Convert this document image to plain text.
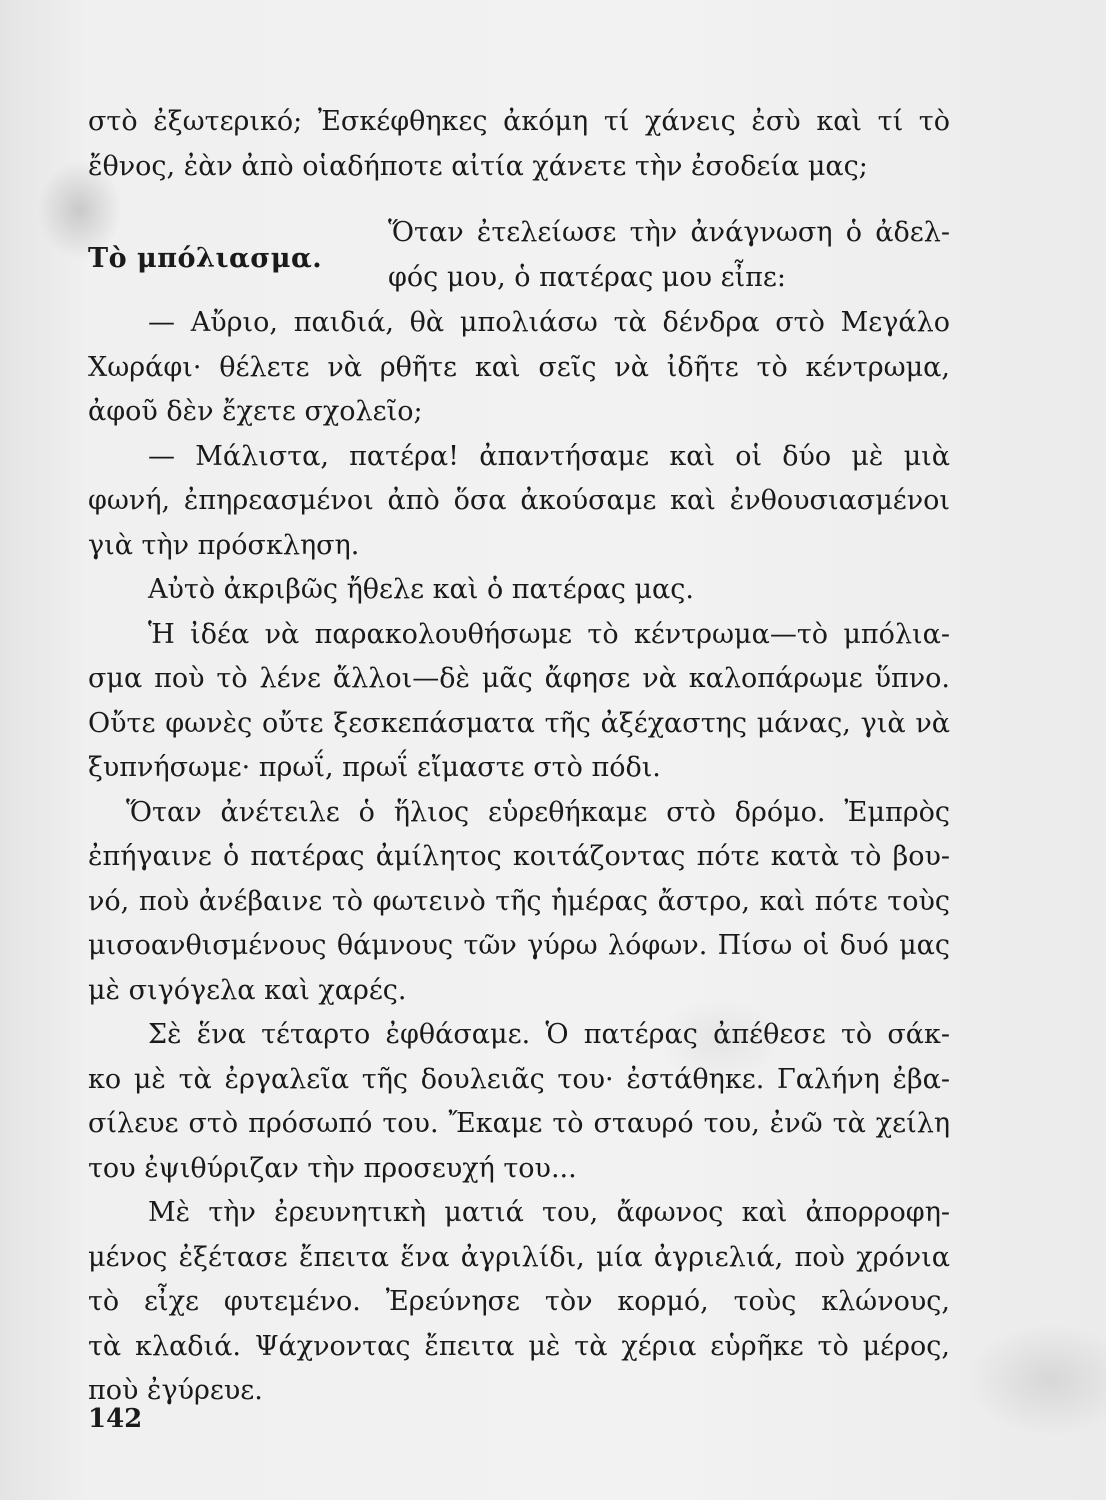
στὸ ἐξωτερικό; Ἐσκέφθηκες ἀκόμη τί χάνεις ἐσὺ καὶ τί τὸ
ἔθνος, ἐὰν ἀπὸ οἱαδήποτε αἰτία χάνετε τὴν ἐσοδεία μας;
Τὸ μπόλιασμα.
Ὅταν ἐτελείωσε τὴν ἀνάγνωση ὁ ἀδελ-
φός μου, ὁ πατέρας μου εἶπε:
— Αὔριο, παιδιά, θὰ μπολιάσω τὰ δένδρα στὸ Μεγάλο
Χωράφι· θέλετε νὰ ρθῆτε καὶ σεῖς νὰ ἰδῆτε τὸ κέντρωμα,
ἀφοῦ δὲν ἔχετε σχολεῖο;
— Μάλιστα, πατέρα! ἀπαντήσαμε καὶ οἱ δύο μὲ μιὰ
φωνή, ἐπηρεασμένοι ἀπὸ ὅσα ἀκούσαμε καὶ ἐνθουσιασμένοι
γιὰ τὴν πρόσκληση.
Αὐτὸ ἀκριβῶς ἤθελε καὶ ὁ πατέρας μας.
Ἡ ἰδέα νὰ παρακολουθήσωμε τὸ κέντρωμα—τὸ μπόλια-
σμα ποὺ τὸ λένε ἄλλοι—δὲ μᾶς ἄφησε νὰ καλοπάρωμε ὕπνο.
Οὔτε φωνὲς οὔτε ξεσκεπάσματα τῆς ἀξέχαστης μάνας, γιὰ νὰ
ξυπνήσωμε· πρωΐ, πρωΐ εἴμαστε στὸ πόδι.
Ὅταν ἀνέτειλε ὁ ἥλιος εὑρεθήκαμε στὸ δρόμο. Ἐμπρὸς
ἐπήγαινε ὁ πατέρας ἀμίλητος κοιτάζοντας πότε κατὰ τὸ βου-
νό, ποὺ ἀνέβαινε τὸ φωτεινὸ τῆς ἡμέρας ἄστρο, καὶ πότε τοὺς
μισοανθισμένους θάμνους τῶν γύρω λόφων. Πίσω οἱ δυό μας
μὲ σιγόγελα καὶ χαρές.
Σὲ ἕνα τέταρτο ἐφθάσαμε. Ὁ πατέρας ἀπέθεσε τὸ σάκ-
κο μὲ τὰ ἐργαλεῖα τῆς δουλειᾶς του· ἐστάθηκε. Γαλήνη ἐβα-
σίλευε στὸ πρόσωπό του. Ἔκαμε τὸ σταυρό του, ἐνῶ τὰ χείλη
του ἐψιθύριζαν τὴν προσευχή του...
Μὲ τὴν ἐρευνητικὴ ματιά του, ἄφωνος καὶ ἀπορροφη-
μένος ἐξέτασε ἔπειτα ἕνα ἀγριλίδι, μία ἀγριελιά, ποὺ χρόνια
τὸ εἶχε φυτεμένο. Ἐρεύνησε τὸν κορμό, τοὺς κλώνους,
τὰ κλαδιά. Ψάχνοντας ἔπειτα μὲ τὰ χέρια εὑρῆκε τὸ μέρος,
ποὺ ἐγύρευε.
142
